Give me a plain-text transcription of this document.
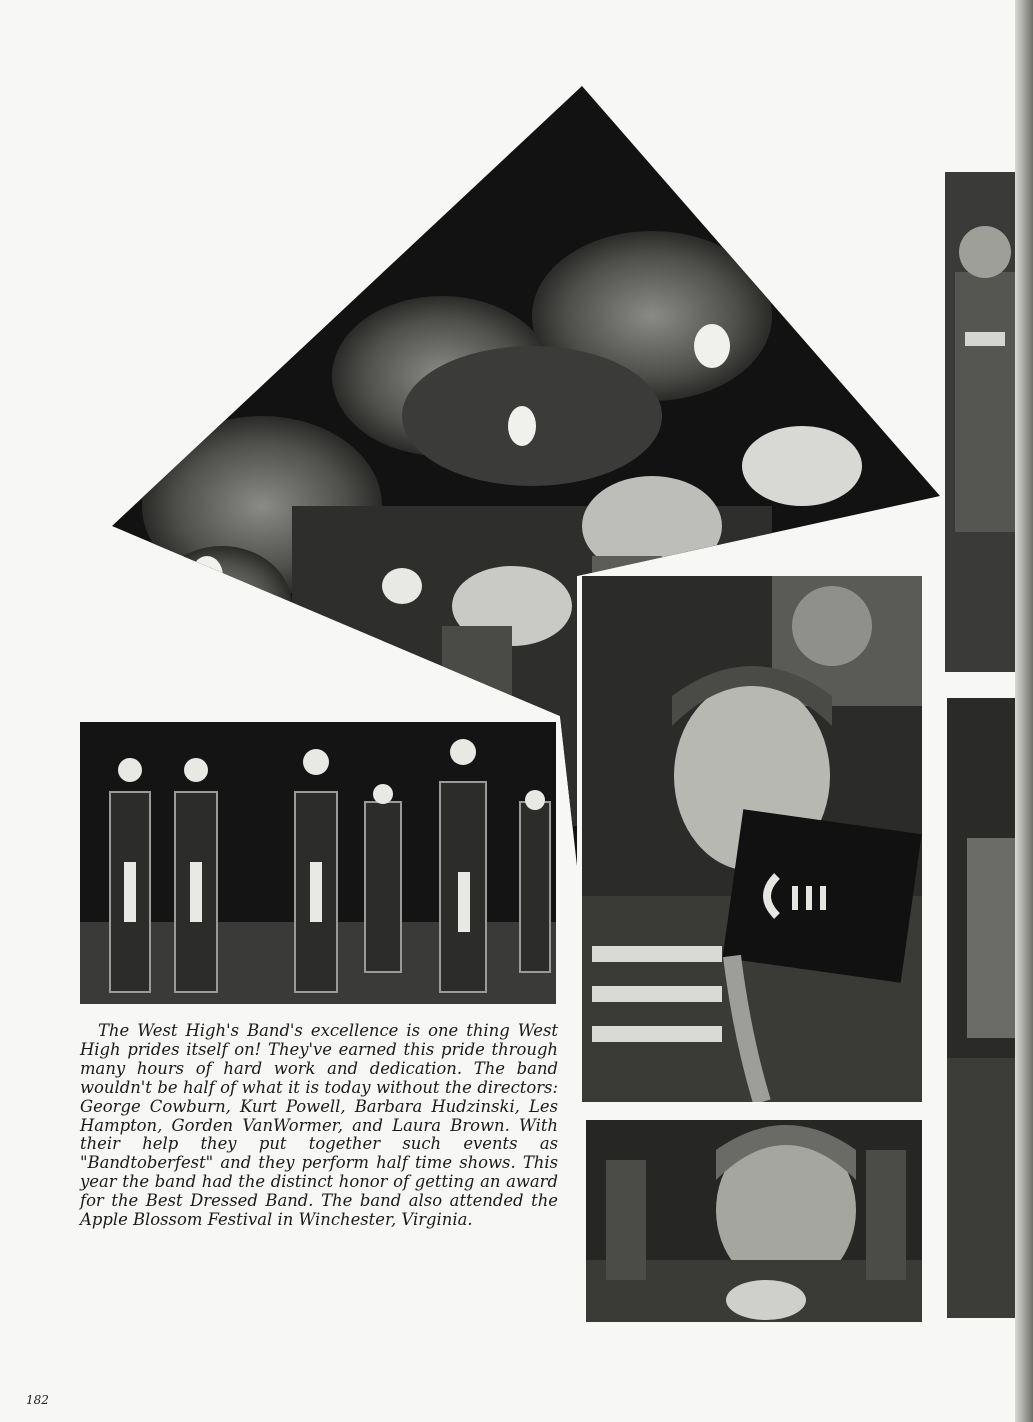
The West High's Band's excellence is one thing West High prides itself on! They've earned this pride through many hours of hard work and dedication. The band wouldn't be half of what it is today without the directors: George Cowburn, Kurt Powell, Barbara Hudzinski, Les Hampton, Gorden VanWormer, and Laura Brown. With their help they put together such events as "Bandtoberfest" and they perform half time shows. This year the band had the distinct honor of getting an award for the Best Dressed Band. The band also attended the Apple Blossom Festival in Winchester, Virginia.

182
